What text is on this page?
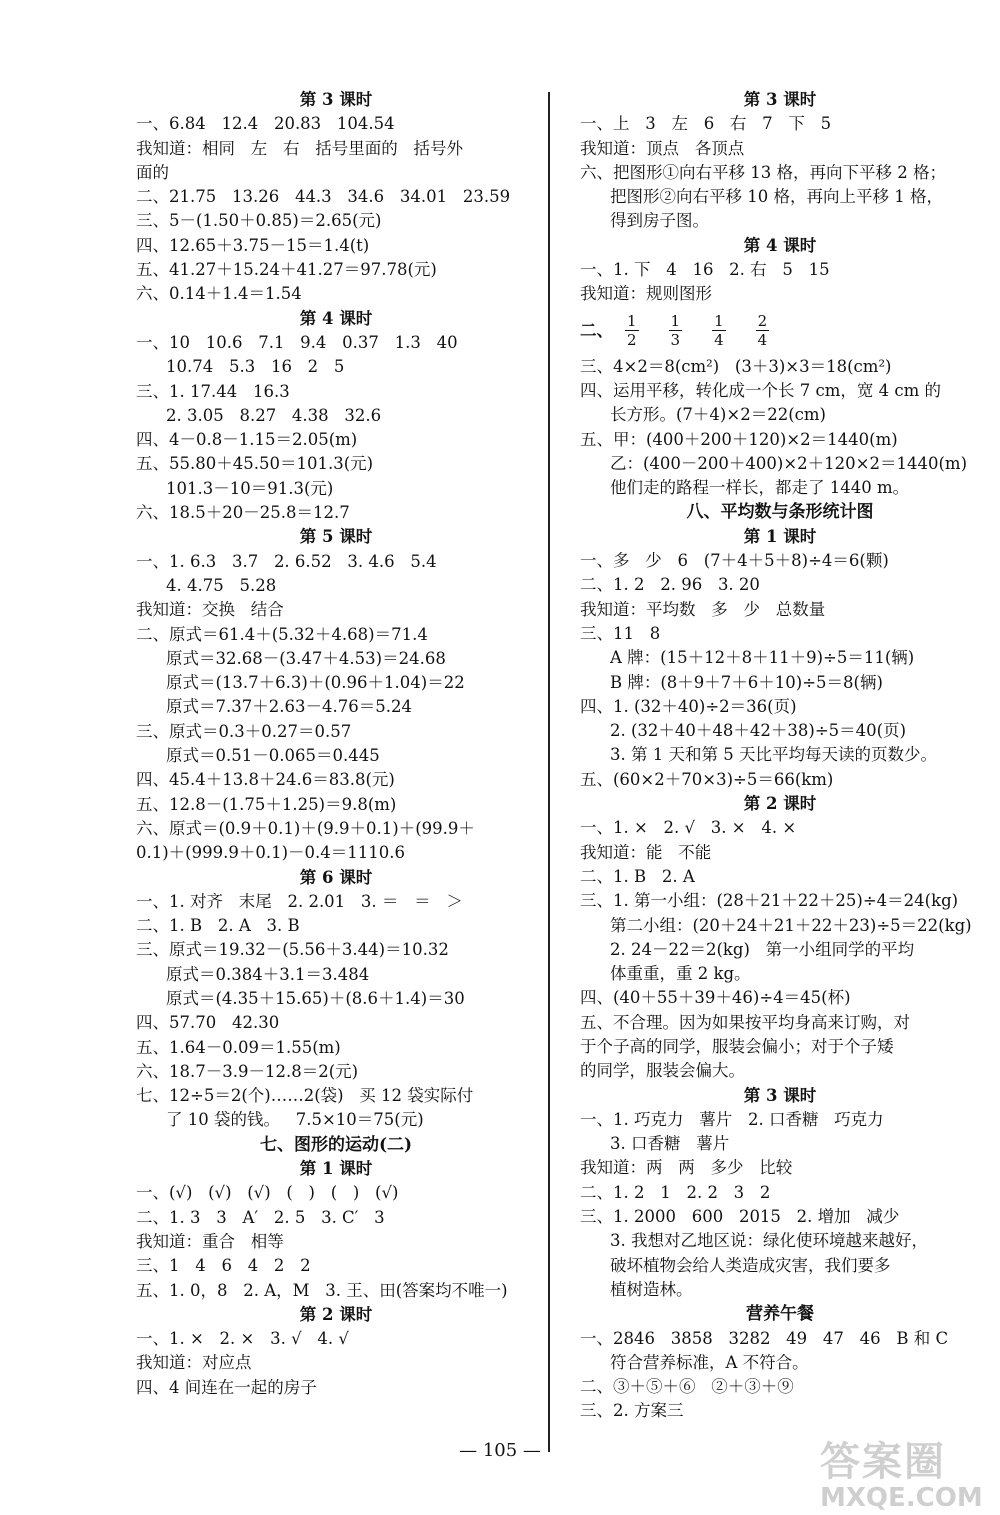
第 3 课时
一、6.84   12.4   20.83   104.54
我知道：相同   左   右   括号里面的   括号外
面的
二、21.75   13.26   44.3   34.6   34.01   23.59
三、5－(1.50＋0.85)＝2.65(元)
四、12.65＋3.75－15＝1.4(t)
五、41.27＋15.24＋41.27＝97.78(元)
六、0.14＋1.4＝1.54
第 4 课时
一、10   10.6   7.1   9.4   0.37   1.3   40
10.74   5.3   16   2   5
三、1. 17.44   16.3
2. 3.05   8.27   4.38   32.6
四、4－0.8－1.15＝2.05(m)
五、55.80＋45.50＝101.3(元)
101.3－10＝91.3(元)
六、18.5＋20－25.8＝12.7
第 5 课时
一、1. 6.3   3.7   2. 6.52   3. 4.6   5.4
4. 4.75   5.28
我知道：交换   结合
二、原式＝61.4＋(5.32＋4.68)＝71.4
原式＝32.68－(3.47＋4.53)＝24.68
原式＝(13.7＋6.3)＋(0.96＋1.04)＝22
原式＝7.37＋2.63－4.76＝5.24
三、原式＝0.3＋0.27＝0.57
原式＝0.51－0.065＝0.445
四、45.4＋13.8＋24.6＝83.8(元)
五、12.8－(1.75＋1.25)＝9.8(m)
六、原式＝(0.9＋0.1)＋(9.9＋0.1)＋(99.9＋
0.1)＋(999.9＋0.1)－0.4＝1110.6
第 6 课时
一、1. 对齐   末尾   2. 2.01   3. ＝   ＝   ＞
二、1. B   2. A   3. B
三、原式＝19.32－(5.56＋3.44)＝10.32
原式＝0.384＋3.1＝3.484
原式＝(4.35＋15.65)＋(8.6＋1.4)＝30
四、57.70   42.30
五、1.64－0.09＝1.55(m)
六、18.7－3.9－12.8＝2(元)
七、12÷5＝2(个)……2(袋)   买 12 袋实际付
了 10 袋的钱。   7.5×10＝75(元)
七、图形的运动(二)
第 1 课时
一、(√)   (√)   (√)   (   )   (   )   (√)
二、1. 3   3   A′   2. 5   3. C′   3
我知道：重合   相等
三、1   4   6   4   2   2
五、1. 0，8   2. A，M   3. 王、田(答案均不唯一)
第 2 课时
一、1. ×   2. ×   3. √   4. √
我知道：对应点
四、4 间连在一起的房子
第 3 课时
一、上   3   左   6   右   7   下   5
我知道：顶点   各顶点
六、把图形①向右平移 13 格，再向下平移 2 格；
把图形②向右平移 10 格，再向上平移 1 格，
得到房子图。
第 4 课时
一、1. 下   4   16   2. 右   5   15
我知道：规则图形
二、 $\frac{1}{2} \frac{1}{3} \frac{1}{4} \frac{2}{4}$
三、4×2＝8(cm²)   (3＋3)×3＝18(cm²)
四、运用平移，转化成一个长 7 cm，宽 4 cm 的
长方形。(7＋4)×2＝22(cm)
五、甲：(400＋200＋120)×2＝1440(m)
乙：(400－200＋400)×2＋120×2＝1440(m)
他们走的路程一样长，都走了 1440 m。
八、平均数与条形统计图
第 1 课时
一、多   少   6   (7＋4＋5＋8)÷4＝6(颗)
二、1. 2   2. 96   3. 20
我知道：平均数   多   少   总数量
三、11   8
A 牌：(15＋12＋8＋11＋9)÷5＝11(辆)
B 牌：(8＋9＋7＋6＋10)÷5＝8(辆)
四、1. (32＋40)÷2＝36(页)
2. (32＋40＋48＋42＋38)÷5＝40(页)
3. 第 1 天和第 5 天比平均每天读的页数少。
五、(60×2＋70×3)÷5＝66(km)
第 2 课时
一、1. ×   2. √   3. ×   4. ×
我知道：能   不能
二、1. B   2. A
三、1. 第一小组：(28＋21＋22＋25)÷4＝24(kg)
第二小组：(20＋24＋21＋22＋23)÷5＝22(kg)
2. 24－22＝2(kg)   第一小组同学的平均
体重重，重 2 kg。
四、(40＋55＋39＋46)÷4＝45(杯)
五、不合理。因为如果按平均身高来订购，对
于个子高的同学，服装会偏小；对于个子矮
的同学，服装会偏大。
第 3 课时
一、1. 巧克力   薯片   2. 口香糖   巧克力
3. 口香糖   薯片
我知道：两   两   多少   比较
二、1. 2   1   2. 2   3   2
三、1. 2000   600   2015   2. 增加   减少
3. 我想对乙地区说：绿化使环境越来越好，
破坏植物会给人类造成灾害，我们要多
植树造林。
营养午餐
一、2846   3858   3282   49   47   46   B 和 C
符合营养标准，A 不符合。
二、③＋⑤＋⑥   ②＋③＋⑨
三、2. 方案三
— 105 —	答案圈
MXQE.COM
